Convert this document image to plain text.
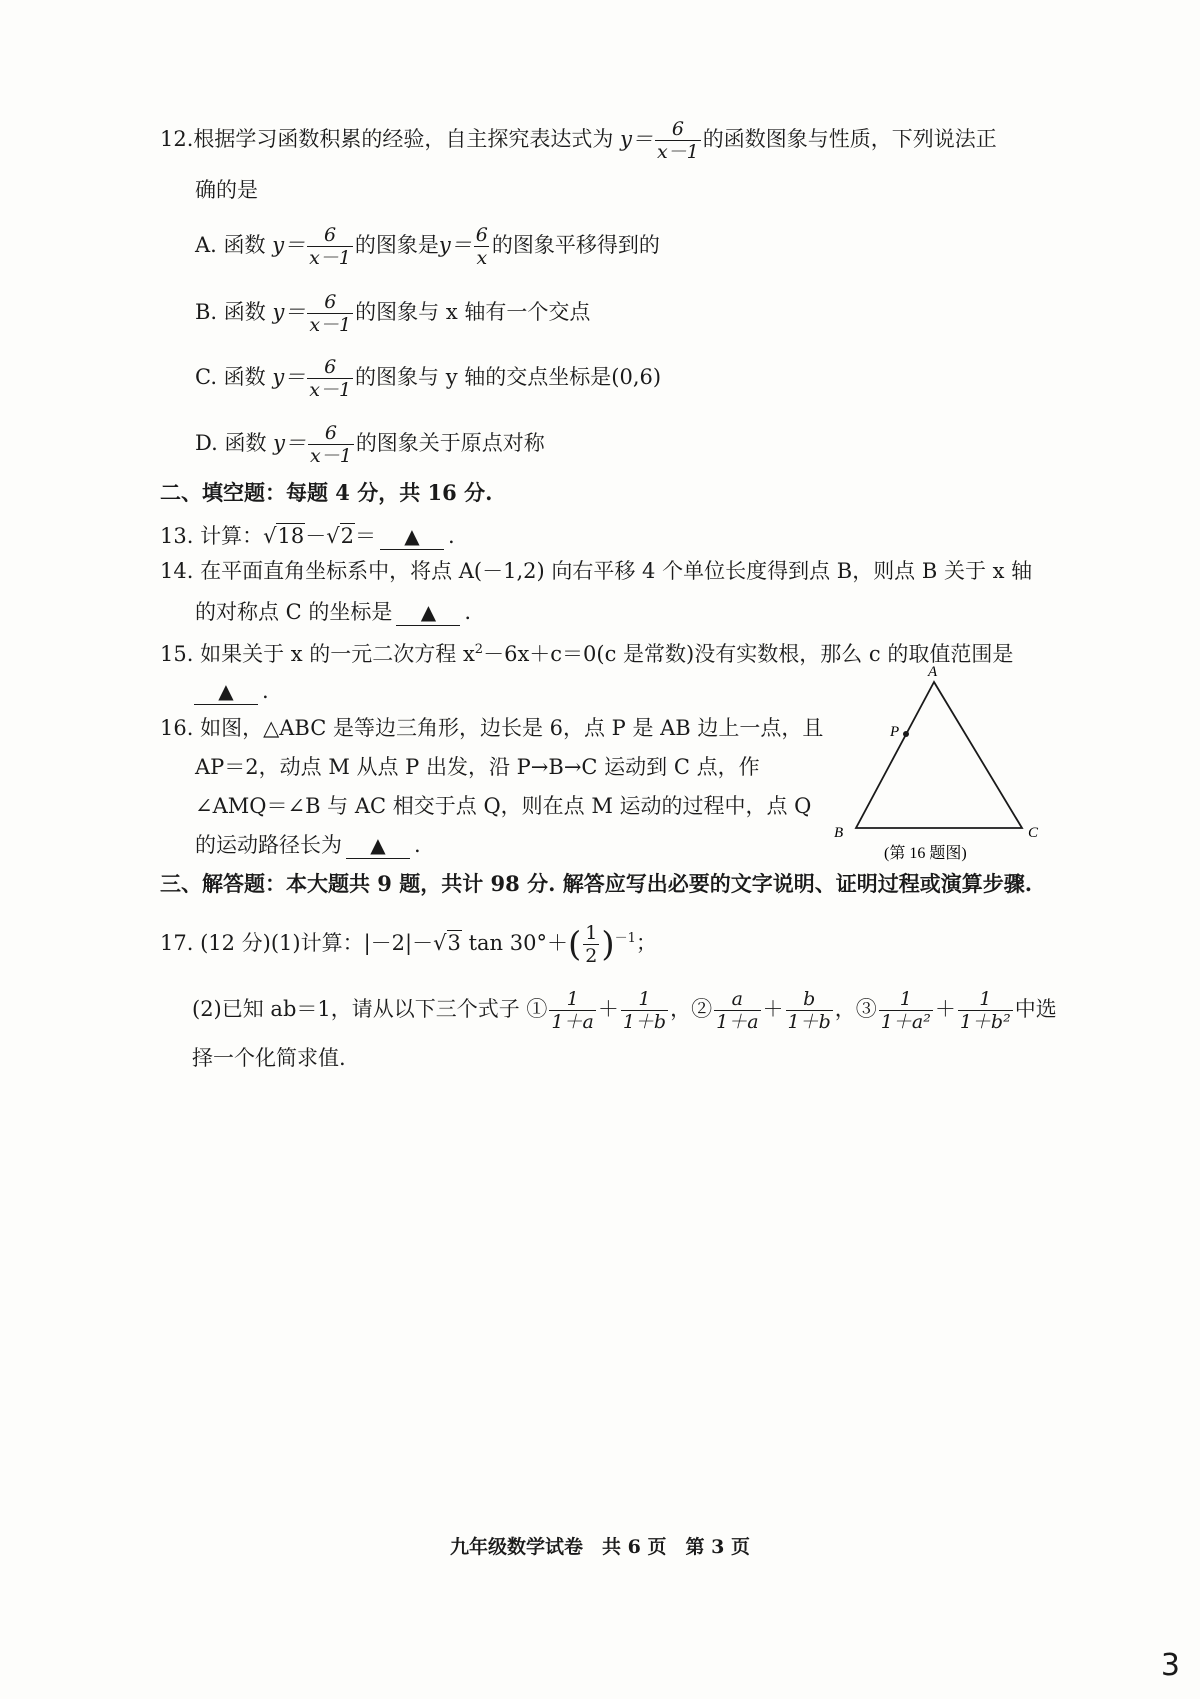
12.根据学习函数积累的经验，自主探究表达式为 $y= \frac{6}{x-1}$ 的函数图象与性质，下列说法正
确的是
A. 函数 $y= \frac{6}{x-1}$ 的图象是$y= \frac{6}{x}$ 的图象平移得到的
B. 函数 $y= \frac{6}{x-1}$ 的图象与 x 轴有一个交点
C. 函数 $y= \frac{6}{x-1}$ 的图象与 y 轴的交点坐标是(0,6)
D. 函数 $y= \frac{6}{x-1}$ 的图象关于原点对称
二、填空题：每题 4 分，共 16 分.
13. 计算：√18－√2＝ ▲ .
14. 在平面直角坐标系中，将点 A(－1,2) 向右平移 4 个单位长度得到点 B，则点 B 关于 x 轴
的对称点 C 的坐标是 ▲ .
15. 如果关于 x 的一元二次方程 $x^2-6x+c=0(c$ 是常数)没有实数根，那么 c 的取值范围是
▲ .
16. 如图，△ABC 是等边三角形，边长是 6，点 P 是 AB 边上一点，且
AP＝2，动点 M 从点 P 出发，沿 P→B→C 运动到 C 点，作
∠AMQ＝∠B 与 AC 相交于点 Q，则在点 M 运动的过程中，点 Q
的运动路径长为 ▲ .
A
P
B	C
(第 16 题图)
三、解答题：本大题共 9 题，共计 98 分. 解答应写出必要的文字说明、证明过程或演算步骤.
17. (12 分)(1)计算：|－2|－√3 $\tan 30^\circ+( \frac{1}{2} )^{-1}$；
(2)已知 ab＝1，请从以下三个式子 ① $\frac{1}{1+a} + \frac{1}{1+b}$ ，② $\frac{a}{1+a} + \frac{b}{1+b}$ ，③ $\frac{1}{\text{1＋a²}} + \frac{1}{\text{1＋b²}}$ 中选
择一个化简求值.
九年级数学试卷　共 6 页　第 3 页
3
